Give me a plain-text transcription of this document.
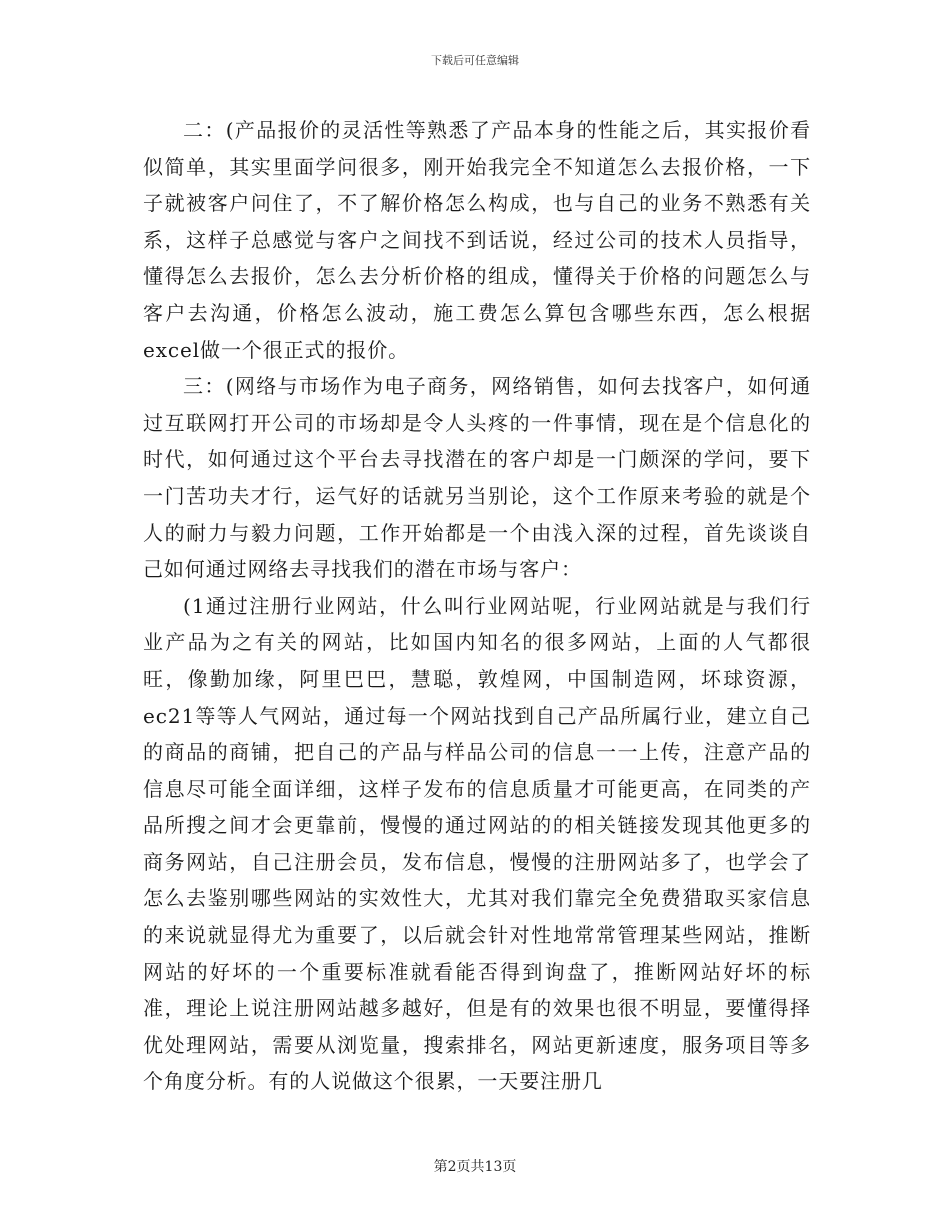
下载后可任意编辑

二：(产品报价的灵活性等熟悉了产品本身的性能之后，其实报价看似简单，其实里面学问很多，刚开始我完全不知道怎么去报价格，一下子就被客户问住了，不了解价格怎么构成，也与自己的业务不熟悉有关系，这样子总感觉与客户之间找不到话说，经过公司的技术人员指导，懂得怎么去报价，怎么去分析价格的组成，懂得关于价格的问题怎么与客户去沟通，价格怎么波动，施工费怎么算包含哪些东西，怎么根据excel做一个很正式的报价。

三：(网络与市场作为电子商务，网络销售，如何去找客户，如何通过互联网打开公司的市场却是令人头疼的一件事情，现在是个信息化的时代，如何通过这个平台去寻找潜在的客户却是一门颇深的学问，要下一门苦功夫才行，运气好的话就另当别论，这个工作原来考验的就是个人的耐力与毅力问题，工作开始都是一个由浅入深的过程，首先谈谈自己如何通过网络去寻找我们的潜在市场与客户：

(1通过注册行业网站，什么叫行业网站呢，行业网站就是与我们行业产品为之有关的网站，比如国内知名的很多网站，上面的人气都很旺，像勤加缘，阿里巴巴，慧聪，敦煌网，中国制造网，坏球资源，ec21等等人气网站，通过每一个网站找到自己产品所属行业，建立自己的商品的商铺，把自己的产品与样品公司的信息一一上传，注意产品的信息尽可能全面详细，这样子发布的信息质量才可能更高，在同类的产品所搜之间才会更靠前，慢慢的通过网站的的相关链接发现其他更多的商务网站，自己注册会员，发布信息，慢慢的注册网站多了，也学会了怎么去鉴别哪些网站的实效性大，尤其对我们靠完全免费猎取买家信息的来说就显得尤为重要了，以后就会针对性地常常管理某些网站，推断网站的好坏的一个重要标准就看能否得到询盘了，推断网站好坏的标准，理论上说注册网站越多越好，但是有的效果也很不明显，要懂得择优处理网站，需要从浏览量，搜索排名，网站更新速度，服务项目等多个角度分析。有的人说做这个很累，一天要注册几

第2页共13页
